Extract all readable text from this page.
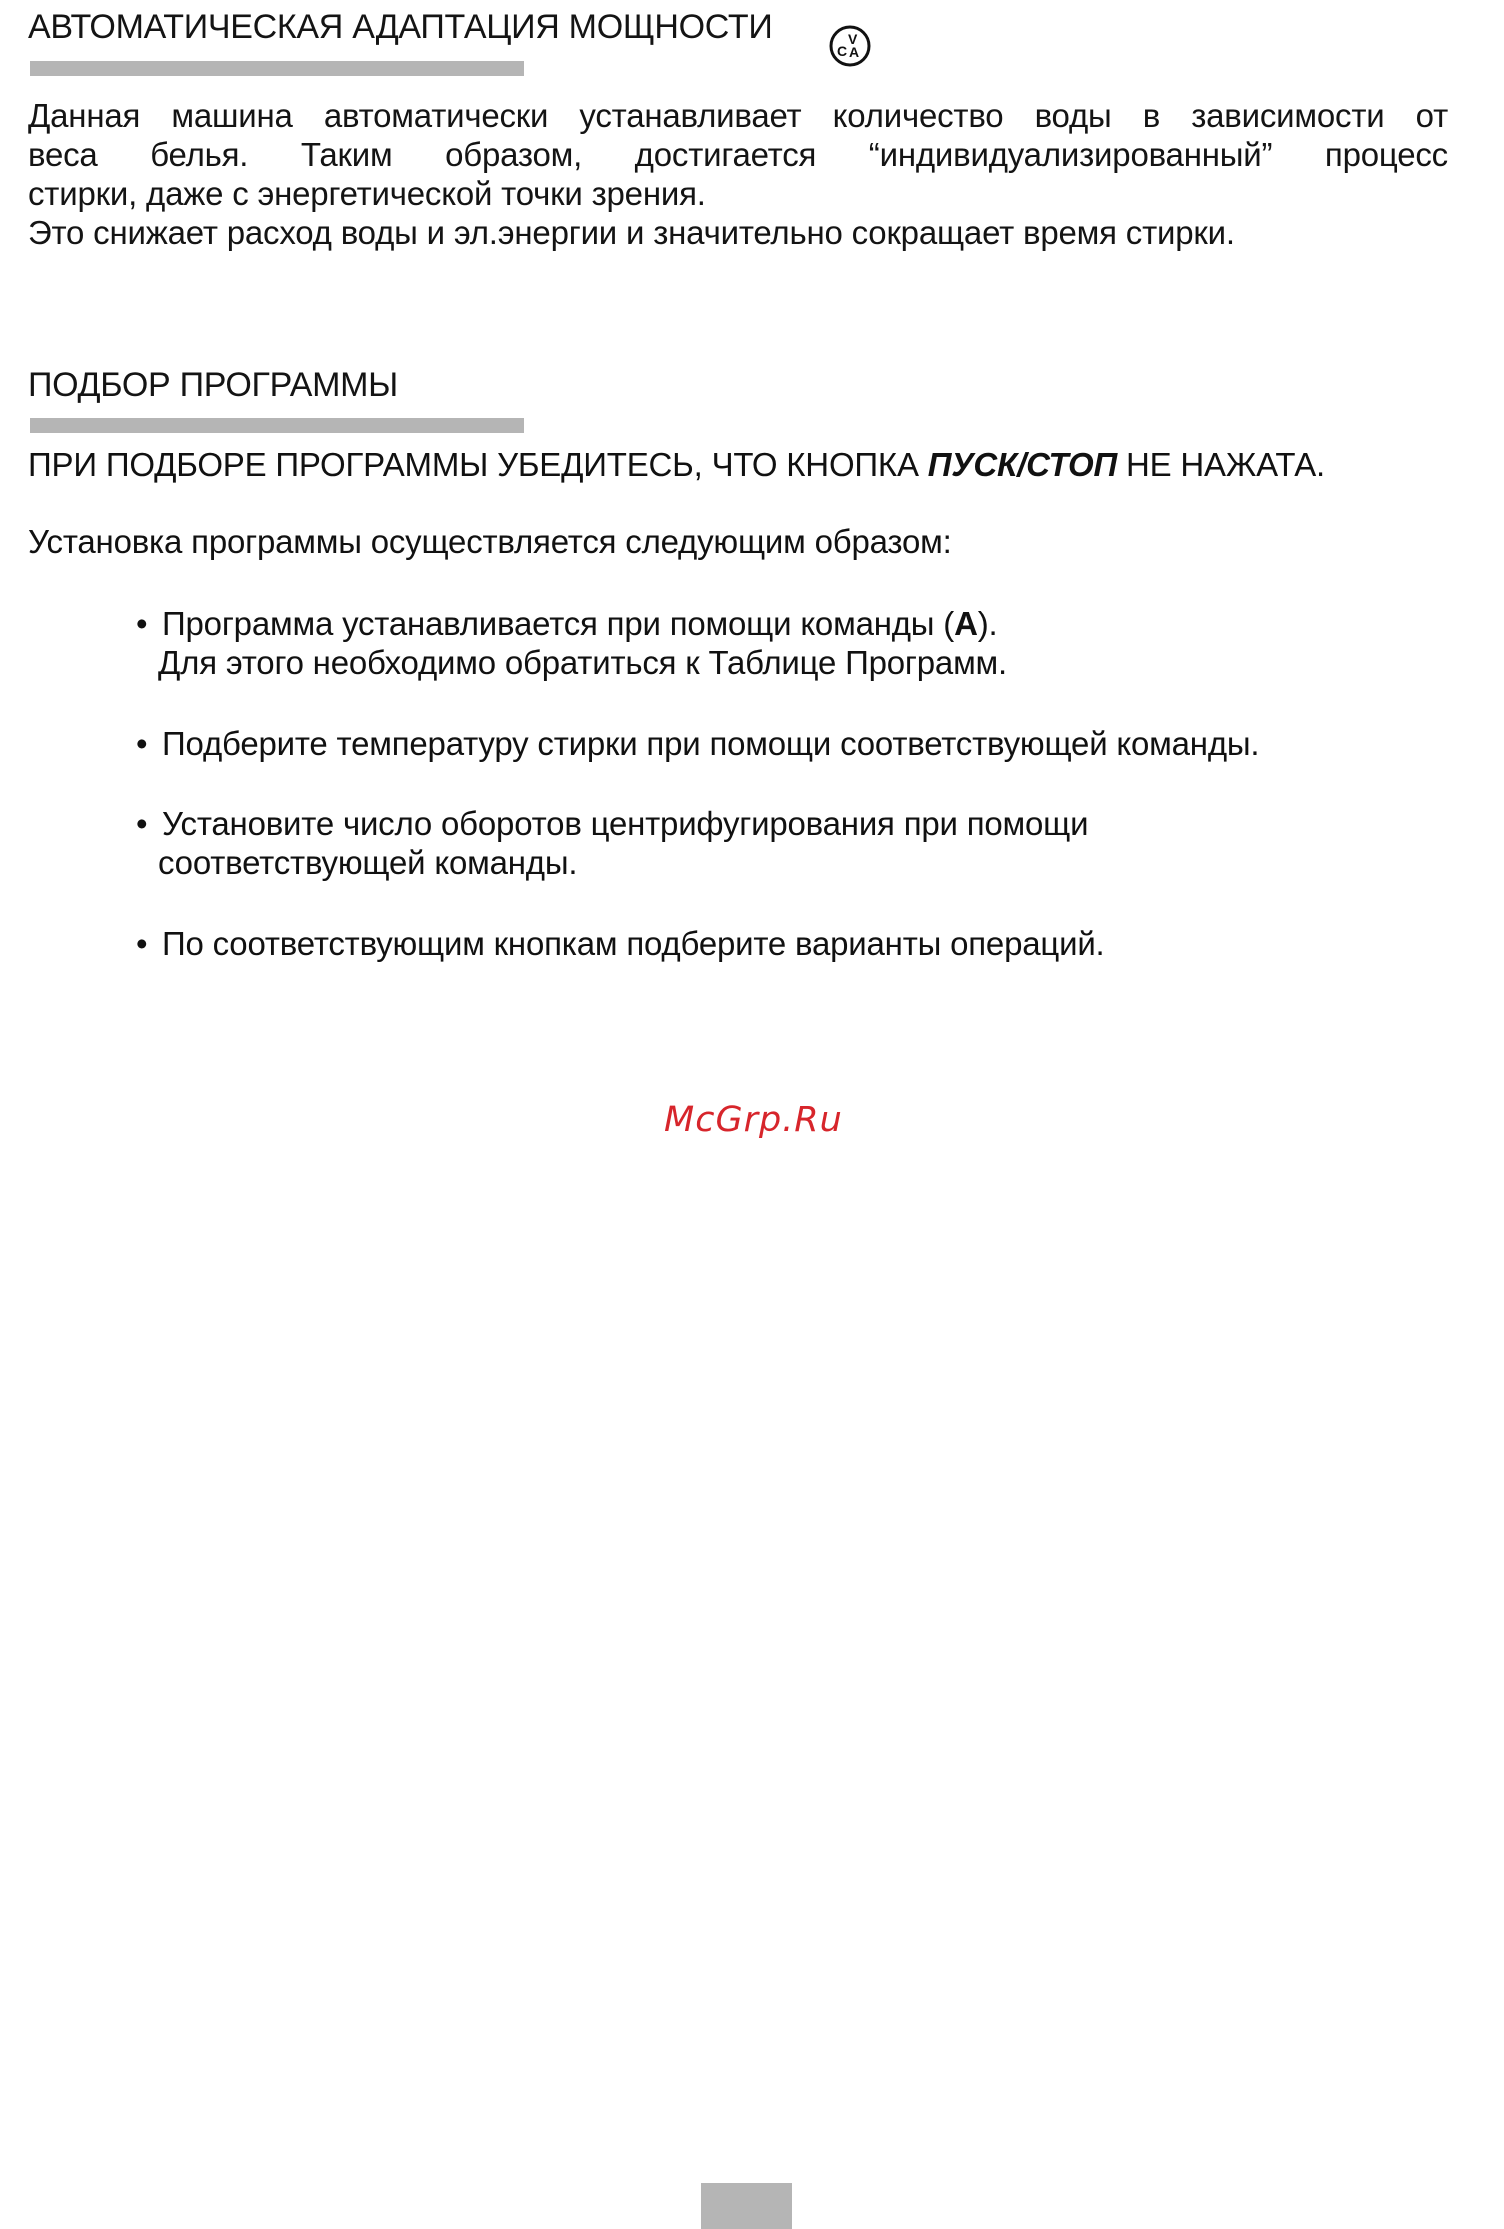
АВТОМАТИЧЕСКАЯ АДАПТАЦИЯ МОЩНОСТИ	V
C A
Данная машина автоматически устанавливает количество воды в зависимости от
веса белья. Таким образом, достигается “индивидуализированный” процесс
стирки, даже с энергетической точки зрения.
Это снижает расход воды и эл.энергии и значительно сокращает время стирки.
ПОДБОР ПРОГРАММЫ
ПРИ ПОДБОРЕ ПРОГРАММЫ УБЕДИТЕСЬ, ЧТО КНОПКА ПУСК/СТОП НЕ НАЖАТА.
Установка программы осуществляется следующим образом:
• Программа устанавливается при помощи команды (A).
Для этого необходимо обратиться к Таблице Программ.
• Подберите температуру стирки при помощи соответствующей команды.
• Установите число оборотов центрифугирования при помощи
соответствующей команды.
• По соответствующим кнопкам подберите варианты операций.
McGrp.Ru
